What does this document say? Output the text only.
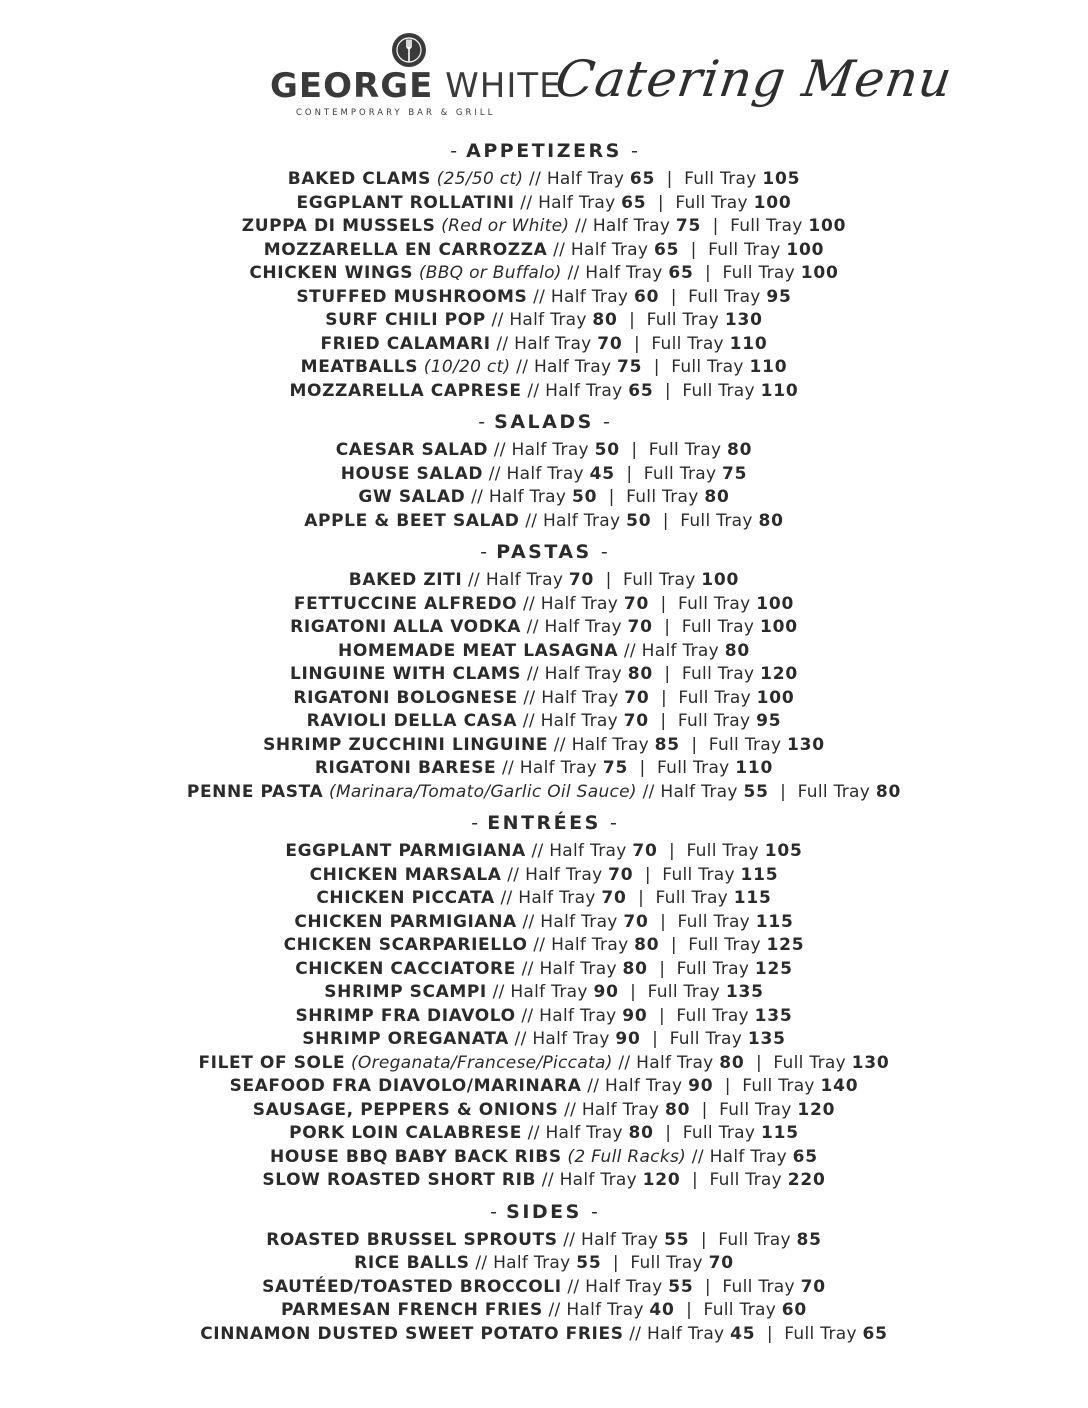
GEORGE WHITE
CONTEMPORARY BAR & GRILL
Catering Menu
- APPETIZERS -
BAKED CLAMS (25/50 ct) // Half Tray 65 | Full Tray 105
EGGPLANT ROLLATINI // Half Tray 65 | Full Tray 100
ZUPPA DI MUSSELS (Red or White) // Half Tray 75 | Full Tray 100
MOZZARELLA EN CARROZZA // Half Tray 65 | Full Tray 100
CHICKEN WINGS (BBQ or Buffalo) // Half Tray 65 | Full Tray 100
STUFFED MUSHROOMS // Half Tray 60 | Full Tray 95
SURF CHILI POP // Half Tray 80 | Full Tray 130
FRIED CALAMARI // Half Tray 70 | Full Tray 110
MEATBALLS (10/20 ct) // Half Tray 75 | Full Tray 110
MOZZARELLA CAPRESE // Half Tray 65 | Full Tray 110
- SALADS -
CAESAR SALAD // Half Tray 50 | Full Tray 80
HOUSE SALAD // Half Tray 45 | Full Tray 75
GW SALAD // Half Tray 50 | Full Tray 80
APPLE & BEET SALAD // Half Tray 50 | Full Tray 80
- PASTAS -
BAKED ZITI // Half Tray 70 | Full Tray 100
FETTUCCINE ALFREDO // Half Tray 70 | Full Tray 100
RIGATONI ALLA VODKA // Half Tray 70 | Full Tray 100
HOMEMADE MEAT LASAGNA // Half Tray 80
LINGUINE WITH CLAMS // Half Tray 80 | Full Tray 120
RIGATONI BOLOGNESE // Half Tray 70 | Full Tray 100
RAVIOLI DELLA CASA // Half Tray 70 | Full Tray 95
SHRIMP ZUCCHINI LINGUINE // Half Tray 85 | Full Tray 130
RIGATONI BARESE // Half Tray 75 | Full Tray 110
PENNE PASTA (Marinara/Tomato/Garlic Oil Sauce) // Half Tray 55 | Full Tray 80
- ENTRÉES -
EGGPLANT PARMIGIANA // Half Tray 70 | Full Tray 105
CHICKEN MARSALA // Half Tray 70 | Full Tray 115
CHICKEN PICCATA // Half Tray 70 | Full Tray 115
CHICKEN PARMIGIANA // Half Tray 70 | Full Tray 115
CHICKEN SCARPARIELLO // Half Tray 80 | Full Tray 125
CHICKEN CACCIATORE // Half Tray 80 | Full Tray 125
SHRIMP SCAMPI // Half Tray 90 | Full Tray 135
SHRIMP FRA DIAVOLO // Half Tray 90 | Full Tray 135
SHRIMP OREGANATA // Half Tray 90 | Full Tray 135
FILET OF SOLE (Oreganata/Francese/Piccata) // Half Tray 80 | Full Tray 130
SEAFOOD FRA DIAVOLO/MARINARA // Half Tray 90 | Full Tray 140
SAUSAGE, PEPPERS & ONIONS // Half Tray 80 | Full Tray 120
PORK LOIN CALABRESE // Half Tray 80 | Full Tray 115
HOUSE BBQ BABY BACK RIBS (2 Full Racks) // Half Tray 65
SLOW ROASTED SHORT RIB // Half Tray 120 | Full Tray 220
- SIDES -
ROASTED BRUSSEL SPROUTS // Half Tray 55 | Full Tray 85
RICE BALLS // Half Tray 55 | Full Tray 70
SAUTÉED/TOASTED BROCCOLI // Half Tray 55 | Full Tray 70
PARMESAN FRENCH FRIES // Half Tray 40 | Full Tray 60
CINNAMON DUSTED SWEET POTATO FRIES // Half Tray 45 | Full Tray 65
